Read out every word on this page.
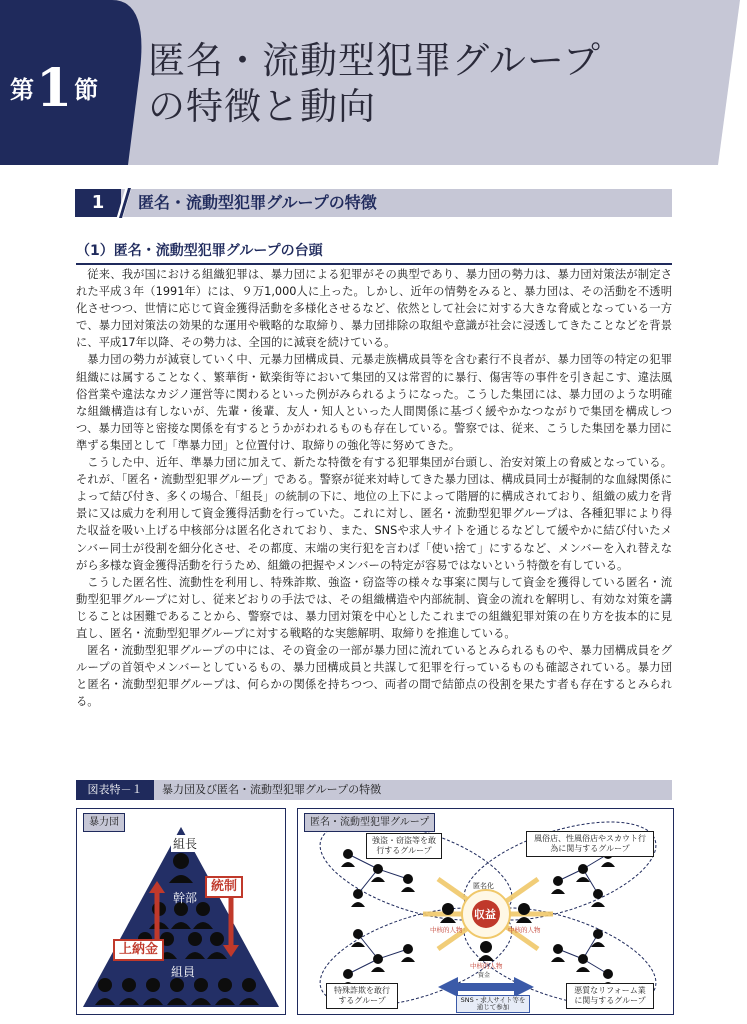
第1節
匿名・流動型犯罪グループ
の特徴と動向
1	匿名・流動型犯罪グループの特徴
（1）匿名・流動型犯罪グループの台頭

従来、我が国における組織犯罪は、暴力団による犯罪がその典型であり、暴力団の勢力は、暴力団対策法が制定された平成３年（1991年）には、９万1,000人に上った。しかし、近年の情勢をみると、暴力団は、その活動を不透明化させつつ、世情に応じて資金獲得活動を多様化させるなど、依然として社会に対する大きな脅威となっている一方で、暴力団対策法の効果的な運用や戦略的な取締り、暴力団排除の取組や意識が社会に浸透してきたことなどを背景に、平成17年以降、その勢力は、全国的に減衰を続けている。

暴力団の勢力が減衰していく中、元暴力団構成員、元暴走族構成員等を含む素行不良者が、暴力団等の特定の犯罪組織には属することなく、繁華街・歓楽街等において集団的又は常習的に暴行、傷害等の事件を引き起こす、違法風俗営業や違法なカジノ運営等に関わるといった例がみられるようになった。こうした集団には、暴力団のような明確な組織構造は有しないが、先輩・後輩、友人・知人といった人間関係に基づく緩やかなつながりで集団を構成しつつ、暴力団等と密接な関係を有するとうかがわれるものも存在している。警察では、従来、こうした集団を暴力団に準ずる集団として「準暴力団」と位置付け、取締りの強化等に努めてきた。

こうした中、近年、準暴力団に加えて、新たな特徴を有する犯罪集団が台頭し、治安対策上の脅威となっている。それが、「匿名・流動型犯罪グループ」である。警察が従来対峙してきた暴力団は、構成員同士が擬制的な血縁関係によって結び付き、多くの場合、「組長」の統制の下に、地位の上下によって階層的に構成されており、組織の威力を背景に又は威力を利用して資金獲得活動を行っていた。これに対し、匿名・流動型犯罪グループは、各種犯罪により得た収益を吸い上げる中核部分は匿名化されており、また、SNSや求人サイトを通じるなどして緩やかに結び付いたメンバー同士が役割を細分化させ、その都度、末端の実行犯を言わば「使い捨て」にするなど、メンバーを入れ替えながら多様な資金獲得活動を行うため、組織の把握やメンバーの特定が容易ではないという特徴を有している。

こうした匿名性、流動性を利用し、特殊詐欺、強盗・窃盗等の様々な事案に関与して資金を獲得している匿名・流動型犯罪グループに対し、従来どおりの手法では、その組織構造や内部統制、資金の流れを解明し、有効な対策を講じることは困難であることから、警察では、暴力団対策を中心としたこれまでの組織犯罪対策の在り方を抜本的に見直し、匿名・流動型犯罪グループに対する戦略的な実態解明、取締りを推進している。

匿名・流動型犯罪グループの中には、その資金の一部が暴力団に流れているとみられるものや、暴力団構成員をグループの首領やメンバーとしているもの、暴力団構成員と共謀して犯罪を行っているものも確認されている。暴力団と匿名・流動型犯罪グループは、何らかの関係を持ちつつ、両者の間で結節点の役割を果たす者も存在するとみられる。

図表特－１	暴力団及び匿名・流動型犯罪グループの特徴
暴力団
組長
幹部
組員
統制
上納金
匿名・流動型犯罪グループ
強盗・窃盗等を敢行するグループ
風俗店、性風俗店やスカウト行為に関与するグループ
特殊詐欺を敢行するグループ
悪質なリフォーム業に関与するグループ
匿名化
収益
中核的人物	中核的人物
中核的人物
資金
SNS・求人サイト等を通じて参加
